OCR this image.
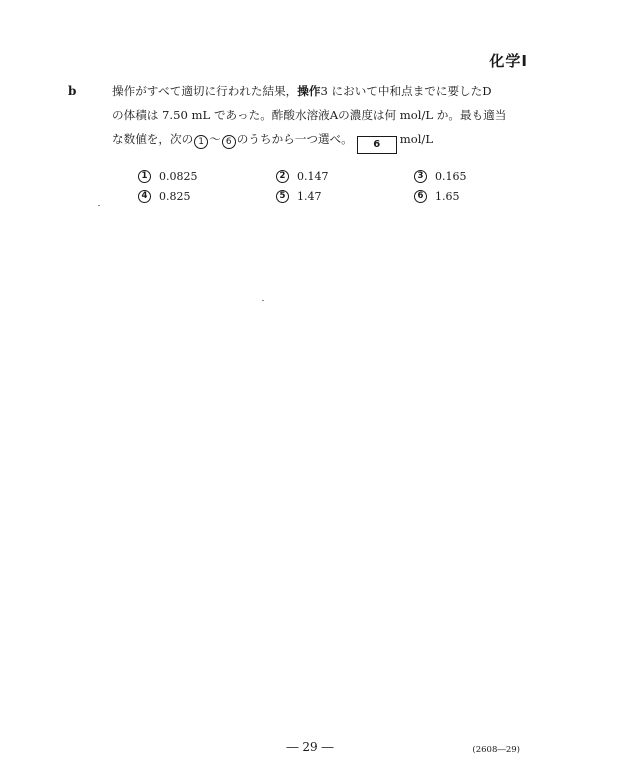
化学Ⅰ
b	操作がすべて適切に行われた結果，操作3 において中和点までに要したD
の体積は 7.50 mL であった。酢酸水溶液Aの濃度は何 mol/L か。最も適当
な数値を，次の 1 ～ 6 のうちから一つ選べ。 6 mol/L
1	0.0825	2	0.147	3	0.165
4	0.825	5	1.47	6	1.65
― 29 ―	(2608―29)
